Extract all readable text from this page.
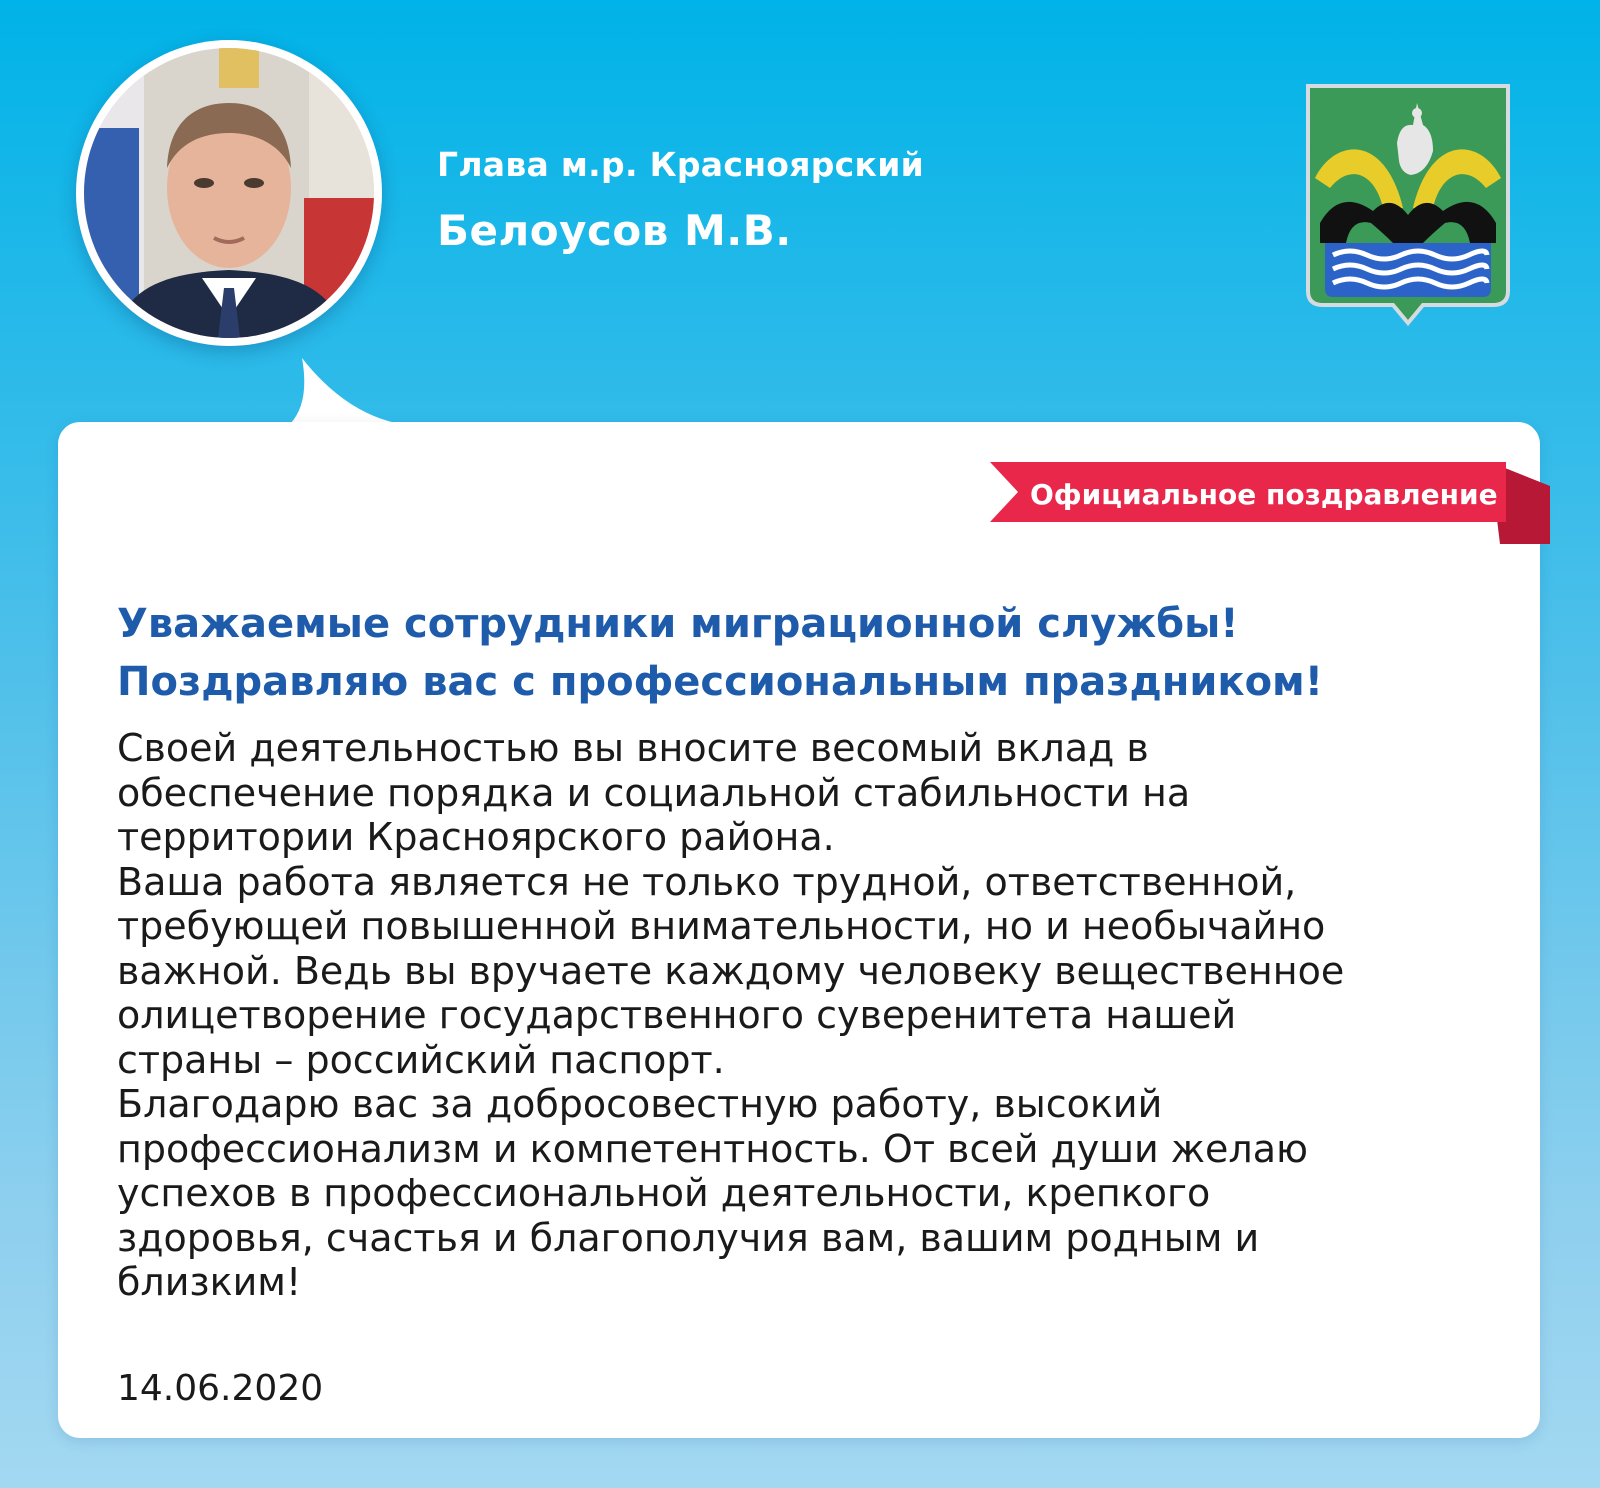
Глава м.р. Красноярский
Белоусов М.В.
Официальное поздравление
Уважаемые сотрудники миграционной службы!
Поздравляю вас с профессиональным праздником!
Своей деятельностью вы вносите весомый вклад в
обеспечение порядка и социальной стабильности на
территории Красноярского района.
Ваша работа является не только трудной, ответственной,
требующей повышенной внимательности, но и необычайно
важной. Ведь вы вручаете каждому человеку вещественное
олицетворение государственного суверенитета нашей
страны – российский паспорт.
Благодарю вас за добросовестную работу, высокий
профессионализм и компетентность. От всей души желаю
успехов в профессиональной деятельности, крепкого
здоровья, счастья и благополучия вам, вашим родным и
близким!
14.06.2020
